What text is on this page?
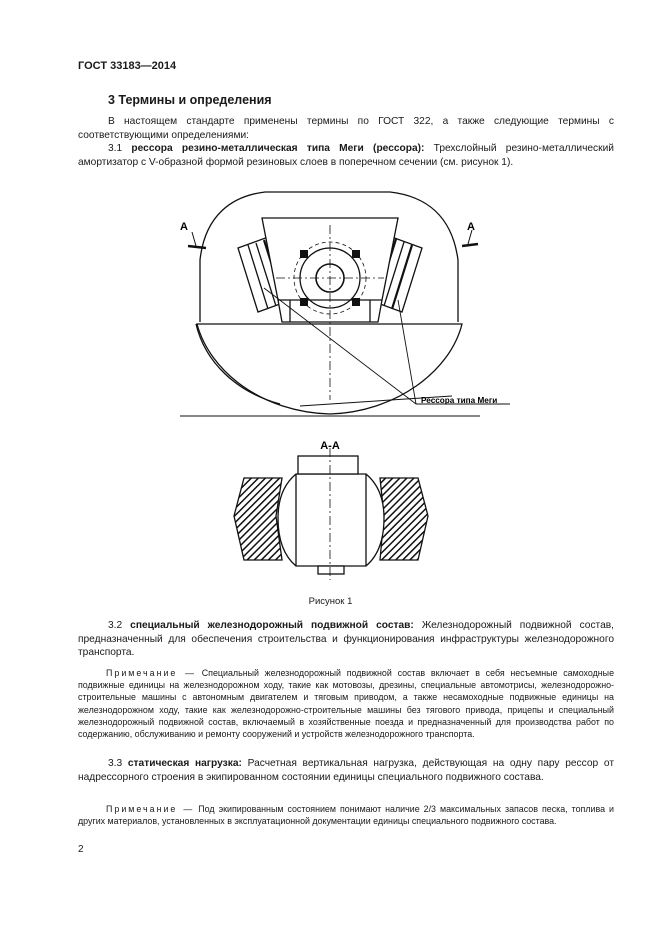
ГОСТ 33183—2014
3 Термины и определения
В настоящем стандарте применены термины по ГОСТ 322, а также следующие термины с соответствующими определениями:
3.1 рессора резино-металлическая типа Меги (рессора): Трехслойный резино-металлический амортизатор с V-образной формой резиновых слоев в поперечном сечении (см. рисунок 1).
А	А
Рессора типа Меги
А-А
Рисунок 1
3.2 специальный железнодорожный подвижной состав: Железнодорожный подвижной состав, предназначенный для обеспечения строительства и функционирования инфраструктуры железнодорожного транспорта.
Примечание — Специальный железнодорожный подвижной состав включает в себя несъемные самоходные подвижные единицы на железнодорожном ходу, такие как мотовозы, дрезины, специальные автомотрисы, железнодорожно-строительные машины с автономным двигателем и тяговым приводом, а также несамоходные подвижные единицы на железнодорожном ходу, такие как железнодорожно-строительные машины без тягового привода, прицепы и специальный железнодорожный подвижной состав, включаемый в хозяйственные поезда и предназначенный для производства работ по содержанию, обслуживанию и ремонту сооружений и устройств железнодорожного транспорта.
3.3 статическая нагрузка: Расчетная вертикальная нагрузка, действующая на одну пару рессор от надрессорного строения в экипированном состоянии единицы специального подвижного состава.
Примечание — Под экипированным состоянием понимают наличие 2/3 максимальных запасов песка, топлива и других материалов, установленных в эксплуатационной документации единицы специального подвижного состава.
2
